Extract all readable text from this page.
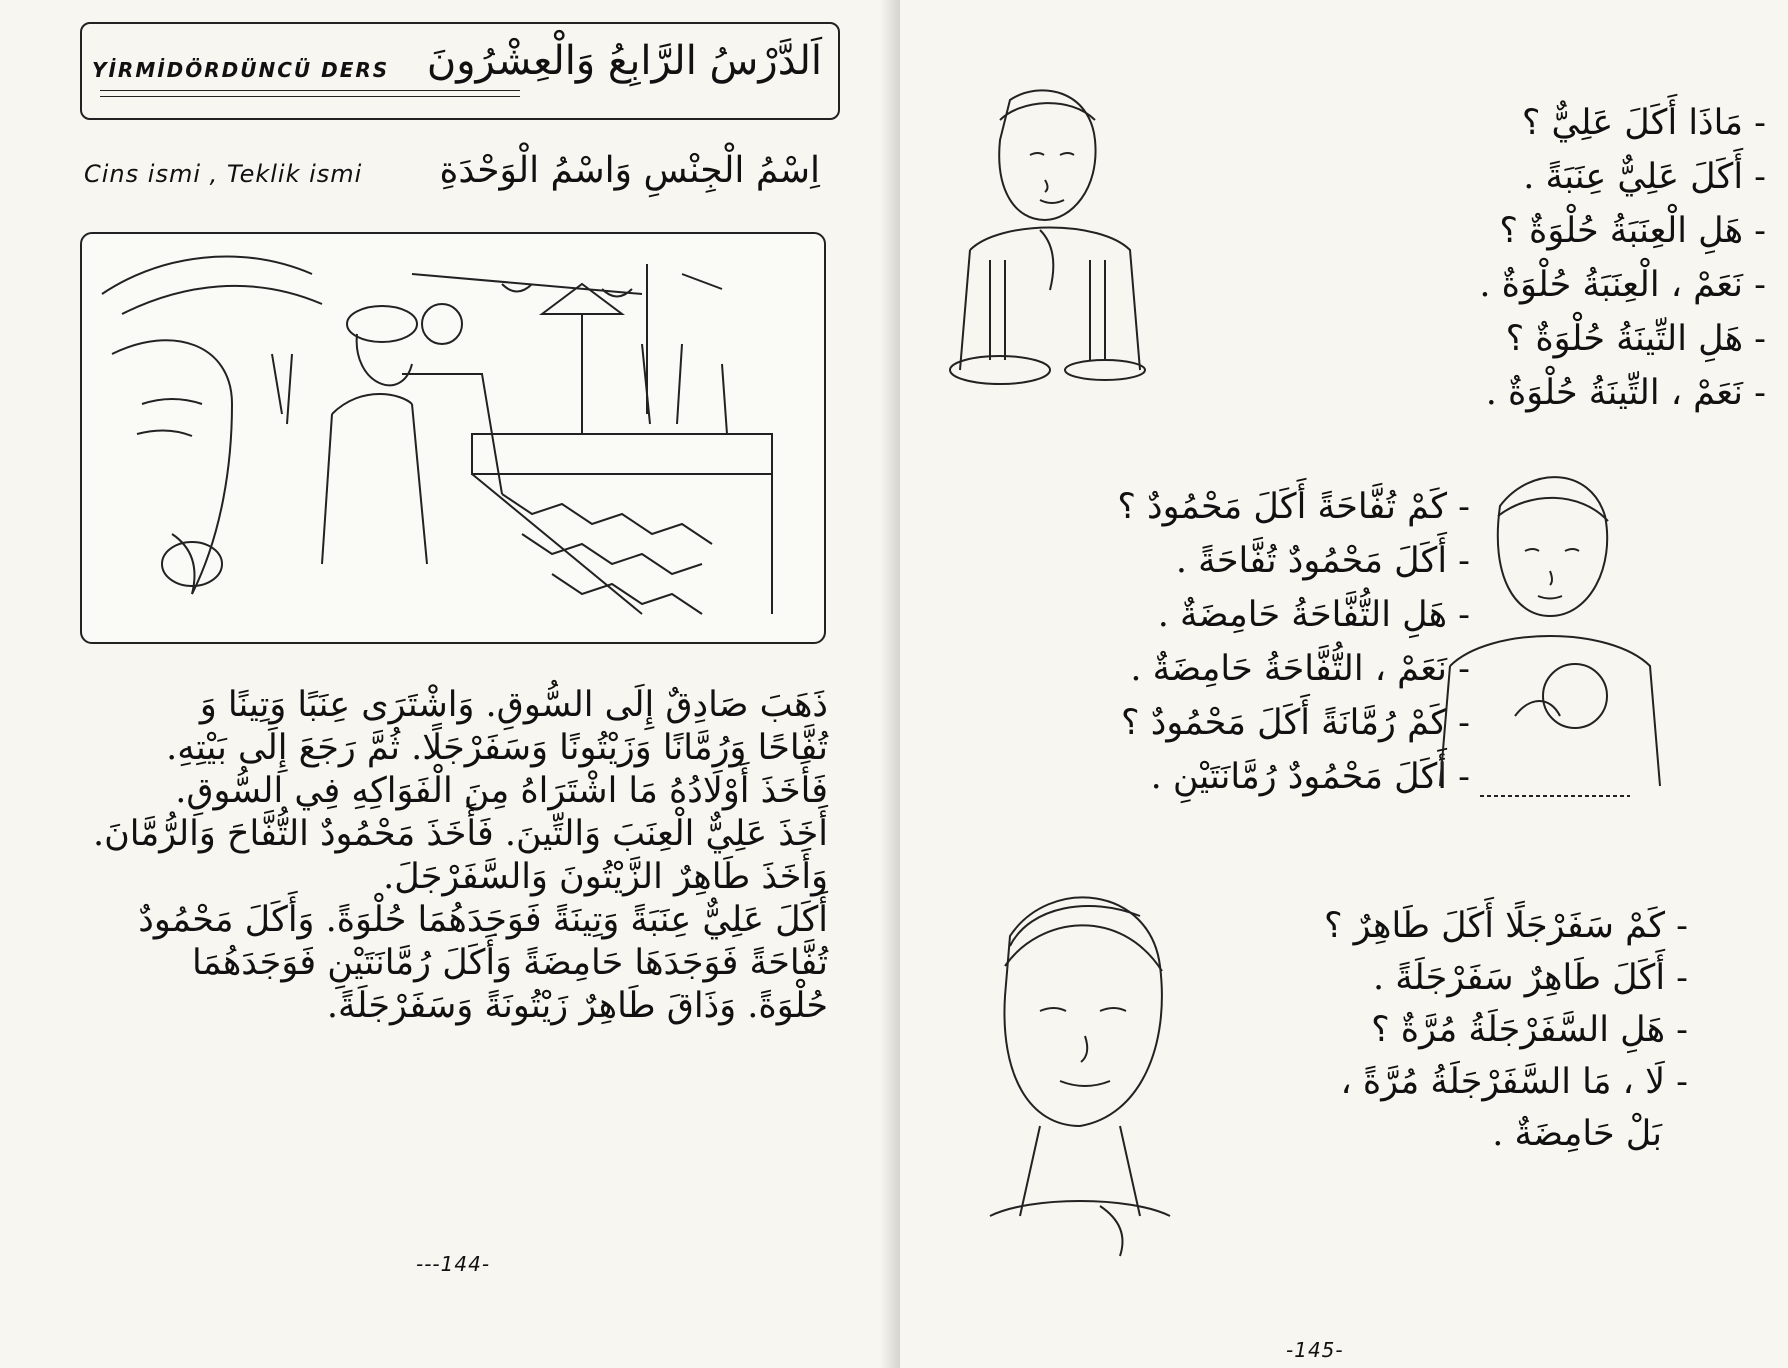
YİRMİDÖRDÜNCÜ DERS اَلدَّرْسُ الرَّابِعُ وَالْعِشْرُونَ
Cins ismi , Teklik ismi اِسْمُ الْجِنْسِ وَاسْمُ الْوَحْدَةِ

ذَهَبَ صَادِقٌ إِلَى السُّوقِ. وَاشْتَرَى عِنَبًا وَتِينًا وَ

تُفَّاحًا وَرُمَّانًا وَزَيْتُونًا وَسَفَرْجَلًا. ثُمَّ رَجَعَ إِلَى بَيْتِهِ.

فَأَخَذَ أَوْلَادُهُ مَا اشْتَرَاهُ مِنَ الْفَوَاكِهِ فِي السُّوقِ.

أَخَذَ عَلِيٌّ الْعِنَبَ وَالتِّينَ. فَأَخَذَ مَحْمُودٌ التُّفَّاحَ وَالرُّمَّانَ.

وَأَخَذَ طَاهِرٌ الزَّيْتُونَ وَالسَّفَرْجَلَ.

أَكَلَ عَلِيٌّ عِنَبَةً وَتِينَةً فَوَجَدَهُمَا حُلْوَةً. وَأَكَلَ مَحْمُودٌ

تُفَّاحَةً فَوَجَدَهَا حَامِضَةً وَأَكَلَ رُمَّانَتَيْنِ فَوَجَدَهُمَا

حُلْوَةً. وَذَاقَ طَاهِرٌ زَيْتُونَةً وَسَفَرْجَلَةً.

---144-

- مَاذَا أَكَلَ عَلِيٌّ ؟

- أَكَلَ عَلِيٌّ عِنَبَةً .

- هَلِ الْعِنَبَةُ حُلْوَةٌ ؟

- نَعَمْ ، الْعِنَبَةُ حُلْوَةٌ .

- هَلِ التِّينَةُ حُلْوَةٌ ؟

- نَعَمْ ، التِّينَةُ حُلْوَةٌ .

- كَمْ تُفَّاحَةً أَكَلَ مَحْمُودٌ ؟

- أَكَلَ مَحْمُودٌ تُفَّاحَةً .

- هَلِ التُّفَّاحَةُ حَامِضَةٌ .

- نَعَمْ ، التُّفَّاحَةُ حَامِضَةٌ .

- كَمْ رُمَّانَةً أَكَلَ مَحْمُودٌ ؟

- أَكَلَ مَحْمُودٌ رُمَّانَتَيْنِ .

- كَمْ سَفَرْجَلًا أَكَلَ طَاهِرٌ ؟

- أَكَلَ طَاهِرٌ سَفَرْجَلَةً .

- هَلِ السَّفَرْجَلَةُ مُرَّةٌ ؟

- لَا ، مَا السَّفَرْجَلَةُ مُرَّةً ،

بَلْ حَامِضَةٌ .

-145-
